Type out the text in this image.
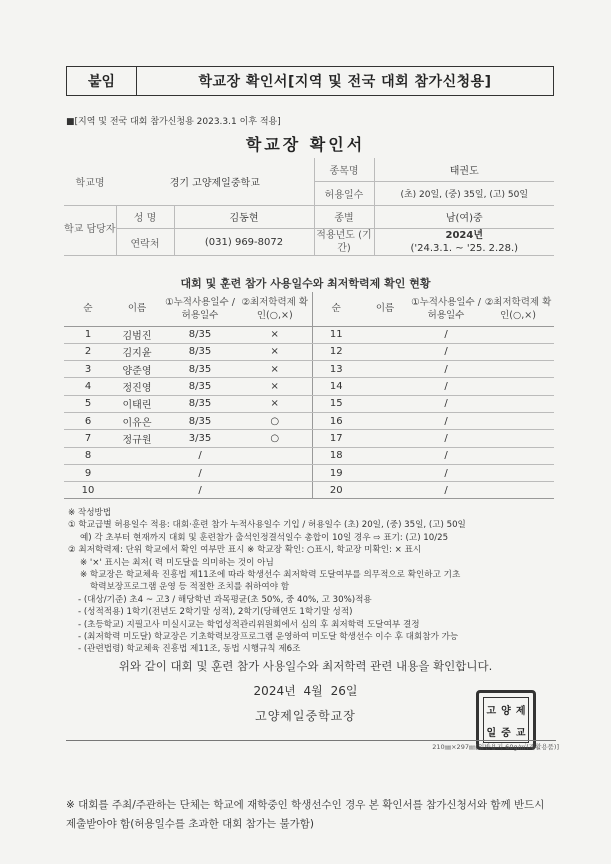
붙임	학교장 확인서[지역 및 전국 대회 참가신청용]
■[지역 및 전국 대회 참가신청용 2023.3.1 이후 적용]
학교장 확인서
학교명	경기 고양제일중학교		종목명	태권도
			허용일수	(초) 20일, (중) 35일, (고) 50일
학교 담당자	성 명	김동현	종별	남(여)중
	연락처	(031) 969-8072	적용년도 (기간)	2024년
('24.3.1. ~ '25. 2.28.)
대회 및 훈련 참가 사용일수와 최저학력제 확인 현황
순	이름	①누적사용일수 /허용일수	②최저학력제 확인(○,×)	순	이름	①누적사용일수 /허용일수	②최저학력제 확인(○,×)
1	김범진	8/35	×	11		/	
2	김지윤	8/35	×	12		/	
3	양준영	8/35	×	13		/	
4	정진영	8/35	×	14		/	
5	이태린	8/35	×	15		/	
6	이유은	8/35	○	16		/	
7	정규원	3/35	○	17		/	
8		/		18		/	
9		/		19		/	
10		/		20		/	
※ 작성방법
① 학교급별 허용일수 적용: 대회·훈련 참가 누적사용일수 기입 / 허용일수 (초) 20일, (중) 35일, (고) 50일
예) 각 초부터 현재까지 대회 및 훈련참가 출석인정결석일수 총합이 10일 경우 ⇨ 표기: (고) 10/25
② 최저학력제: 단위 학교에서 확인 여부만 표시 ※ 학교장 확인: ○표시, 학교장 미확인: × 표시
※ '×' 표시는 최저( 력 미도달을 의미하는 것이 아님
※ 학교장은 학교체육 진흥법 제11조에 따라 학생선수 최저학력 도달여부를 의무적으로 확인하고 기초
학력보장프로그램 운영 등 적절한 조치를 취하여야 함
- (대상/기준) 초4 ~ 고3 / 해당학년 과목평균(초 50%, 중 40%, 고 30%)적용
- (성적적용) 1학기(전년도 2학기말 성적), 2학기(당해연도 1학기말 성적)
- (초등학교) 지필고사 미실시교는 학업성적관리위원회에서 심의 후 최저학력 도달여부 결정
- (최저학력 미도달) 학교장은 기초학력보장프로그램 운영하여 미도달 학생선수 이수 후 대회참가 가능
- (관련법령) 학교체육 진흥법 제11조, 동법 시행규칙 제6조
위와 같이 대회 및 훈련 참가 사용일수와 최저학력 관련 내용을 확인합니다.
2024년 4월 26일
고양제일중학교장	고 양 제
일 중 교
210㎜×297㎜[일반용지 60g/㎡(재활용품)]
※ 대회를 주최/주관하는 단체는 학교에 재학중인 학생선수인 경우 본 확인서를 참가신청서와 함께 반드시 제출받아야 함(허용일수를 초과한 대회 참가는 불가함)
